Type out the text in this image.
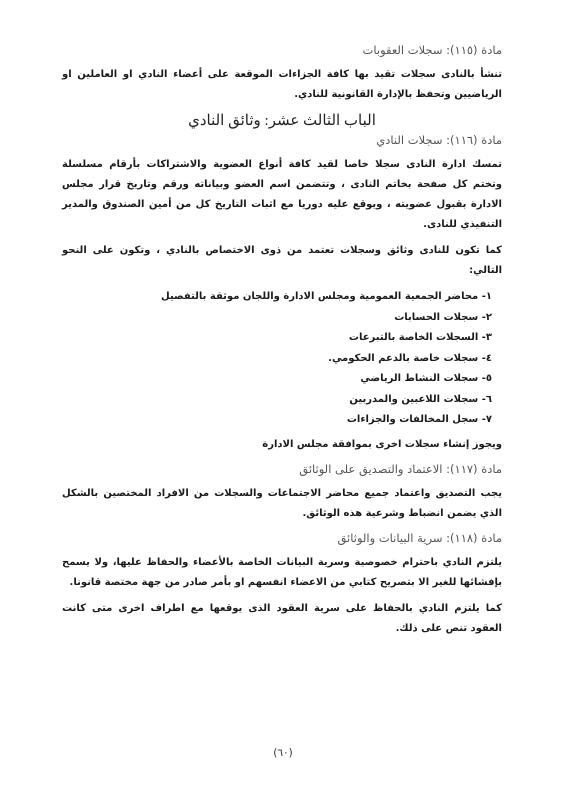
مادة (١١٥): سجلات العقوبات

تنشأ بالنادى سجلات تقيد بها كافة الجزاءات الموقعة على أعضاء النادي او العاملين او الرياضيين وتحفظ بالإدارة القانونية للنادي.

الباب الثالث عشر: وثائق النادي
مادة (١١٦): سجلات النادي

تمسك ادارة النادى سجلا خاصا لقيد كافة أنواع العضوية والاشتراكات بأرقام مسلسلة وتختم كل صفحة بخاتم النادى ، وتتضمن اسم العضو وبياناته ورقم وتاريخ قرار مجلس الادارة بقبول عضويته ، ويوقع عليه دوريا مع اثبات التاريخ كل من أمين الصندوق والمدير التنفيذي للنادى.

كما تكون للنادى وثائق وسجلات تعتمد من ذوى الاختصاص بالنادي ، وتكون على النحو التالي:

١- محاضر الجمعية العمومية ومجلس الادارة واللجان موثقة بالتفصيل
٢- سجلات الحسابات
٣- السجلات الخاصة بالتبرعات
٤- سجلات خاصة بالدعم الحكومي.
٥- سجلات النشاط الرياضي
٦- سجلات اللاعبين والمدربين
٧- سجل المخالفات والجزاءات

ويجوز إنشاء سجلات اخرى بموافقة مجلس الادارة

مادة (١١٧): الاعتماد والتصديق على الوثائق

يجب التصديق واعتماد جميع محاضر الاجتماعات والسجلات من الافراد المختصين بالشكل الذي يضمن انضباط وشرعية هذه الوثائق.

مادة (١١٨): سرية البيانات والوثائق

يلتزم النادي باحترام خصوصية وسرية البيانات الخاصة بالأعضاء والحفاظ عليها، ولا يسمح بإفشائها للغير الا بتصريح كتابي من الاعضاء انفسهم او بأمر صادر من جهة مختصة قانونا.

كما يلتزم النادي بالحفاظ على سرية العقود الذى يوقعها مع اطراف اخرى متى كانت العقود تنص على ذلك.

(٦٠)
